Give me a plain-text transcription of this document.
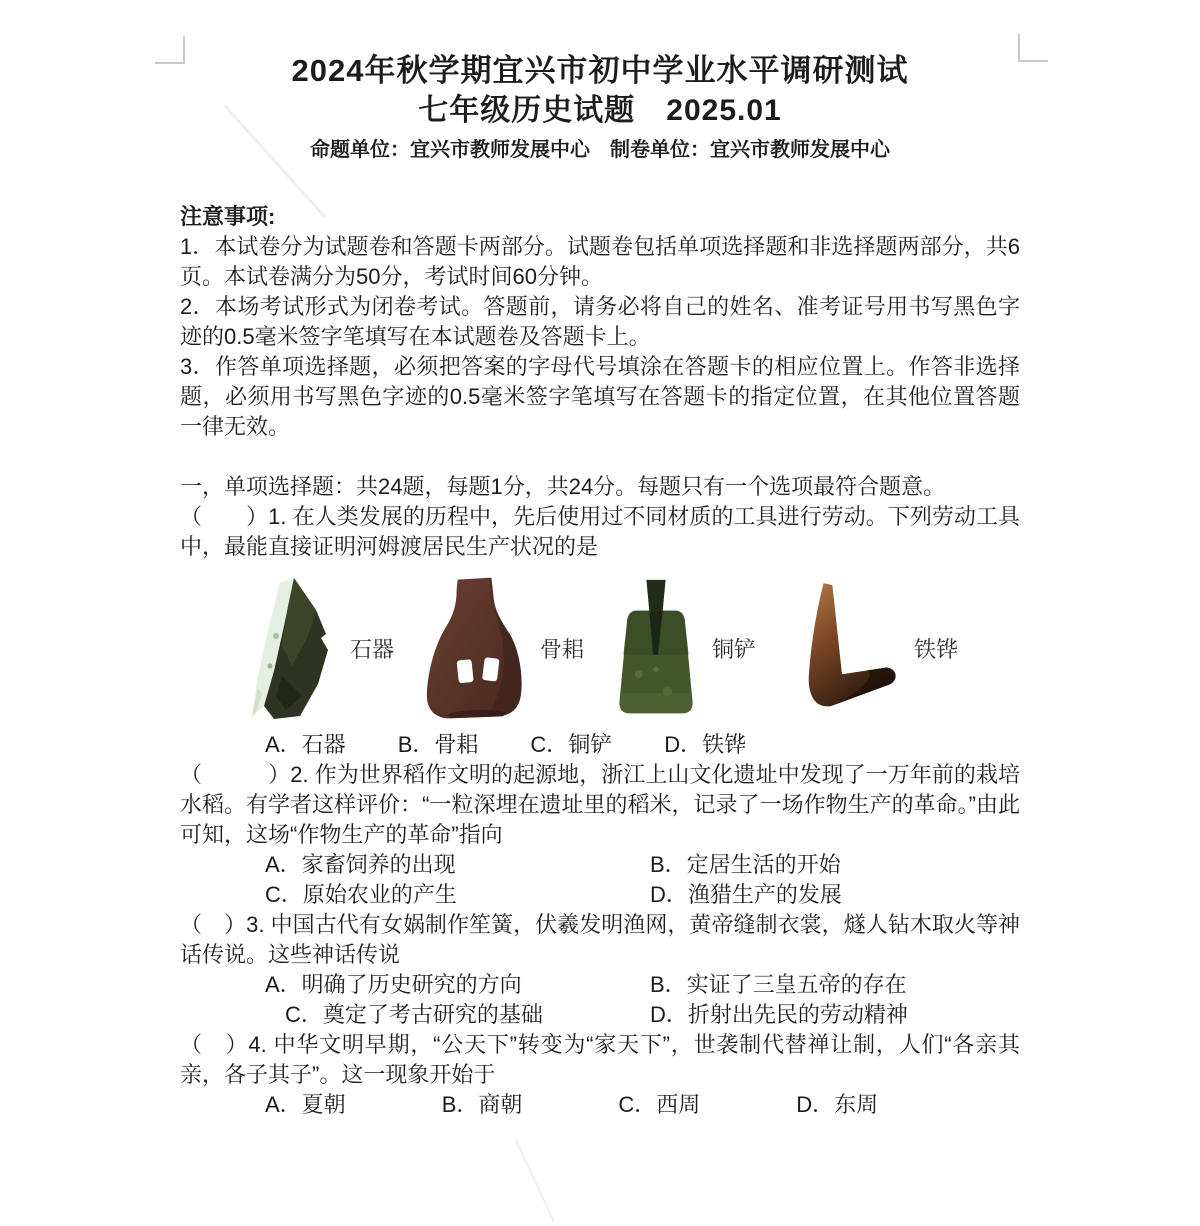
2024年秋学期宜兴市初中学业水平调研测试
七年级历史试题　2025.01
命题单位：宜兴市教师发展中心　制卷单位：宜兴市教师发展中心
注意事项:

1．本试卷分为试题卷和答题卡两部分。试题卷包括单项选择题和非选择题两部分，共6页。本试卷满分为50分，考试时间60分钟。

2．本场考试形式为闭卷考试。答题前，请务必将自己的姓名、准考证号用书写黑色字迹的0.5毫米签字笔填写在本试题卷及答题卡上。

3．作答单项选择题，必须把答案的字母代号填涂在答题卡的相应位置上。作答非选择题，必须用书写黑色字迹的0.5毫米签字笔填写在答题卡的指定位置，在其他位置答题一律无效。

一，单项选择题：共24题，每题1分，共24分。每题只有一个选项最符合题意。

（　　）1. 在人类发展的历程中，先后使用过不同材质的工具进行劳动。下列劳动工具中，最能直接证明河姆渡居民生产状况的是

石器	骨耜	铜铲	铁铧
A．石器 B．骨耜 C．铜铲 D．铁铧

（　　　）2. 作为世界稻作文明的起源地，浙江上山文化遗址中发现了一万年前的栽培水稻。有学者这样评价：“一粒深埋在遗址里的稻米，记录了一场作物生产的革命。”由此可知，这场“作物生产的革命”指向

A．家畜饲养的出现	B．定居生活的开始
C．原始农业的产生	D．渔猎生产的发展

（　）3. 中国古代有女娲制作笙簧，伏羲发明渔网，黄帝缝制衣裳，燧人钻木取火等神话传说。这些神话传说

A．明确了历史研究的方向	B．实证了三皇五帝的存在
C．奠定了考古研究的基础	D．折射出先民的劳动精神

（　）4. 中华文明早期，“公天下”转变为“家天下”，世袭制代替禅让制，人们“各亲其亲，各子其子”。这一现象开始于

A．夏朝	B．商朝	C．西周	D．东周
